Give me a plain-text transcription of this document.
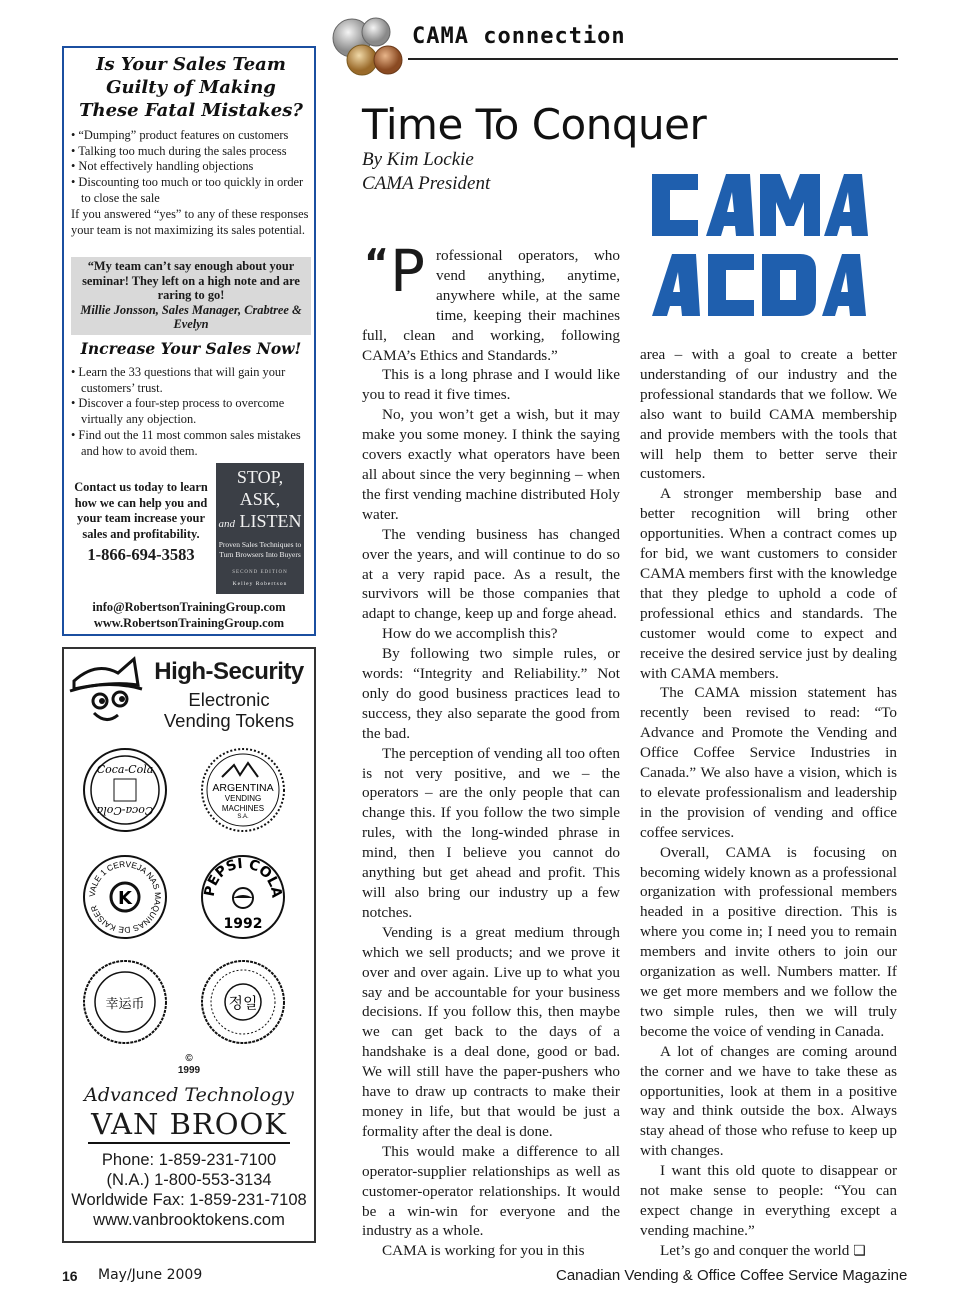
CAMA connection
Is Your Sales Team Guilty of Making These Fatal Mistakes?
• “Dumping” product features on customers
• Talking too much during the sales process
• Not effectively handling objections
• Discounting too much or too quickly in order to close the sale
If you answered “yes” to any of these responses your team is not maximizing its sales potential.
“My team can’t say enough about your seminar! They left on a high note and are raring to go!
Millie Jonsson, Sales Manager, Crabtree & Evelyn
Increase Your Sales Now!
• Learn the 33 questions that will gain your customers’ trust.
• Discover a four-step process to overcome virtually any objection.
• Find out the 11 most common sales mistakes and how to avoid them.
Contact us today to learn how we can help you and your team increase your sales and profitability.
1-866-694-3583
STOP,
ASK,
and LISTEN
Proven Sales Techniques to Turn Browsers Into Buyers
SECOND EDITION
Kelley Robertson
info@RobertsonTrainingGroup.com
www.RobertsonTrainingGroup.com
High-Security
Electronic
Vending Tokens
Coca-Cola
Coca-Cola
ARGENTINA
VENDING
MACHINES
S.A.
VALE 1 CERVEJA NAS MAQUINAS DE KAISER	K	PEPSI COLA
1992
幸运币	정일
©
1999
Advanced Technology
VAN BROOK
Phone: 1-859-231-7100
(N.A.) 1-800-553-3134
Worldwide Fax: 1-859-231-7108
www.vanbrooktokens.com
Time To Conquer
By Kim Lockie
CAMA President

“ P rofessional operators, who vend anything, anytime, anywhere while, at the same time, keeping their machines full, clean and working, following CAMA’s Ethics and Standards.”

This is a long phrase and I would like you to read it five times.

No, you won’t get a wish, but it may make you some money. I think the saying covers exactly what operators have been all about since the very beginning – when the first vending machine distributed Holy water.

The vending business has changed over the years, and will continue to do so at a very rapid pace. As a result, the survivors will be those companies that adapt to change, keep up and forge ahead.

How do we accomplish this?

By following two simple rules, or words: “Integrity and Reliability.” Not only do good business practices lead to success, they also separate the good from the bad.

The perception of vending all too often is not very positive, and we – the operators – are the only people that can change this. If you follow the two simple rules, with the long-winded phrase in mind, then I believe you cannot do anything but get ahead and profit. This will also bring our industry up a few notches.

Vending is a great medium through which we sell products; and we prove it over and over again. Live up to what you say and be accountable for your business decisions. If you follow this, then maybe we can get back to the days of a handshake is a deal done, good or bad. We will still have the paper-pushers who have to draw up contracts to make their money in life, but that would be just a formality after the deal is done.

This would make a difference to all operator-supplier relationships as well as customer-operator relationships. It would be a win-win for everyone and the industry as a whole.

CAMA is working for you in this

area – with a goal to create a better understanding of our industry and the professional standards that we follow. We also want to build CAMA membership and provide members with the tools that will help them to better serve their customers.

A stronger membership base and better recognition will bring other opportunities. When a contract comes up for bid, we want customers to consider CAMA members first with the knowledge that they pledge to uphold a code of professional ethics and standards. The customer would come to expect and receive the desired service just by dealing with CAMA members.

The CAMA mission statement has recently been revised to read: “To Advance and Promote the Vending and Office Coffee Service Industries in Canada.” We also have a vision, which is to elevate professionalism and leadership in the provision of vending and office coffee services.

Overall, CAMA is focusing on becoming widely known as a professional organization with professional members headed in a positive direction. This is where you come in; I need you to remain members and invite others to join our organization as well. Numbers matter. If we get more members and we follow the two simple rules, then we will truly become the voice of vending in Canada.

A lot of changes are coming around the corner and we have to take these as opportunities, look at them in a positive way and think outside the box. Always stay ahead of those who refuse to keep up with changes.

I want this old quote to disappear or not make sense to people: “You can expect change in everything except a vending machine.”

Let’s go and conquer the world ❏

16 May/June 2009	Canadian Vending & Office Coffee Service Magazine
